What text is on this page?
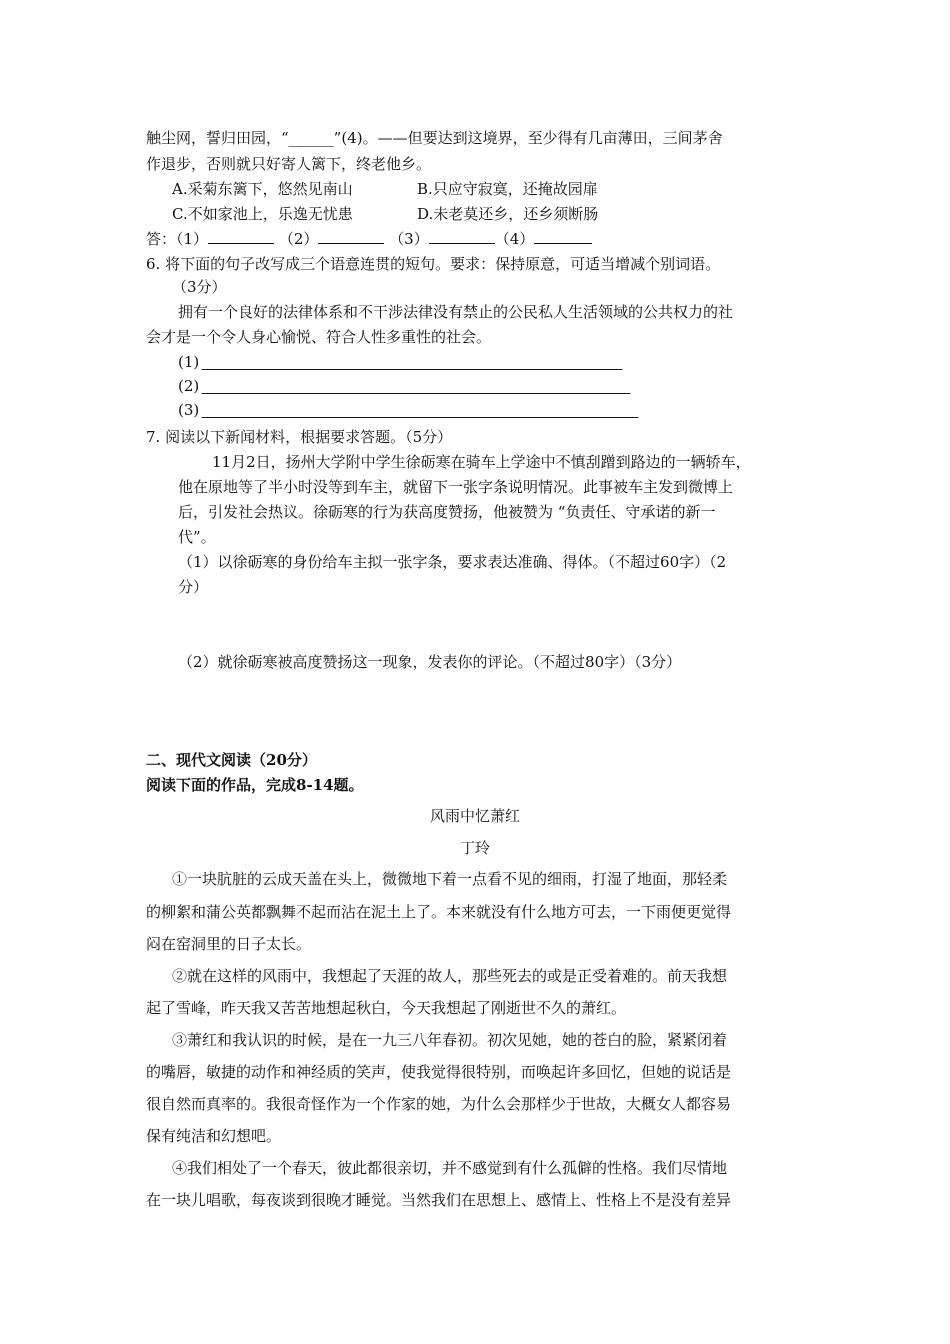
触尘网，誓归田园，“______”(4)。——但要达到这境界，至少得有几亩薄田，三间茅舍
作退步，否则就只好寄人篱下，终老他乡。
A.采菊东篱下，悠然见南山	B.只应守寂寞，还掩故园扉
C.不如家池上，乐逸无忧患	D.未老莫还乡，还乡须断肠
答：（1）	（2）	（3）	（4）
6. 将下面的句子改写成三个语意连贯的短句。要求：保持原意，可适当增减个别词语。
（3分）
拥有一个良好的法律体系和不干涉法律没有禁止的公民私人生活领域的公共权力的社
会才是一个令人身心愉悦、符合人性多重性的社会。
(1)
(2)
(3)
7. 阅读以下新闻材料，根据要求答题。（5分）
11月2日，扬州大学附中学生徐砺寒在骑车上学途中不慎刮蹭到路边的一辆轿车，
他在原地等了半小时没等到车主，就留下一张字条说明情况。此事被车主发到微博上
后，引发社会热议。徐砺寒的行为获高度赞扬，他被赞为 “负责任、守承诺的新一
代”。
（1）以徐砺寒的身份给车主拟一张字条，要求表达准确、得体。（不超过60字）（2
分）
（2）就徐砺寒被高度赞扬这一现象，发表你的评论。（不超过80字）（3分）
二、现代文阅读（20分）
阅读下面的作品，完成8-14题。
风雨中忆萧红
丁玲
①一块肮脏的云成天盖在头上，微微地下着一点看不见的细雨，打湿了地面，那轻柔
的柳絮和蒲公英都飘舞不起而沾在泥土上了。本来就没有什么地方可去，一下雨便更觉得
闷在窑洞里的日子太长。
②就在这样的风雨中，我想起了天涯的故人，那些死去的或是正受着难的。前天我想
起了雪峰，昨天我又苦苦地想起秋白，今天我想起了刚逝世不久的萧红。
③萧红和我认识的时候，是在一九三八年春初。初次见她，她的苍白的脸，紧紧闭着
的嘴唇，敏捷的动作和神经质的笑声，使我觉得很特别，而唤起许多回忆，但她的说话是
很自然而真率的。我很奇怪作为一个作家的她，为什么会那样少于世故，大概女人都容易
保有纯洁和幻想吧。
④我们相处了一个春天，彼此都很亲切，并不感觉到有什么孤僻的性格。我们尽情地
在一块儿唱歌，每夜谈到很晚才睡觉。当然我们在思想上、感情上、性格上不是没有差异
